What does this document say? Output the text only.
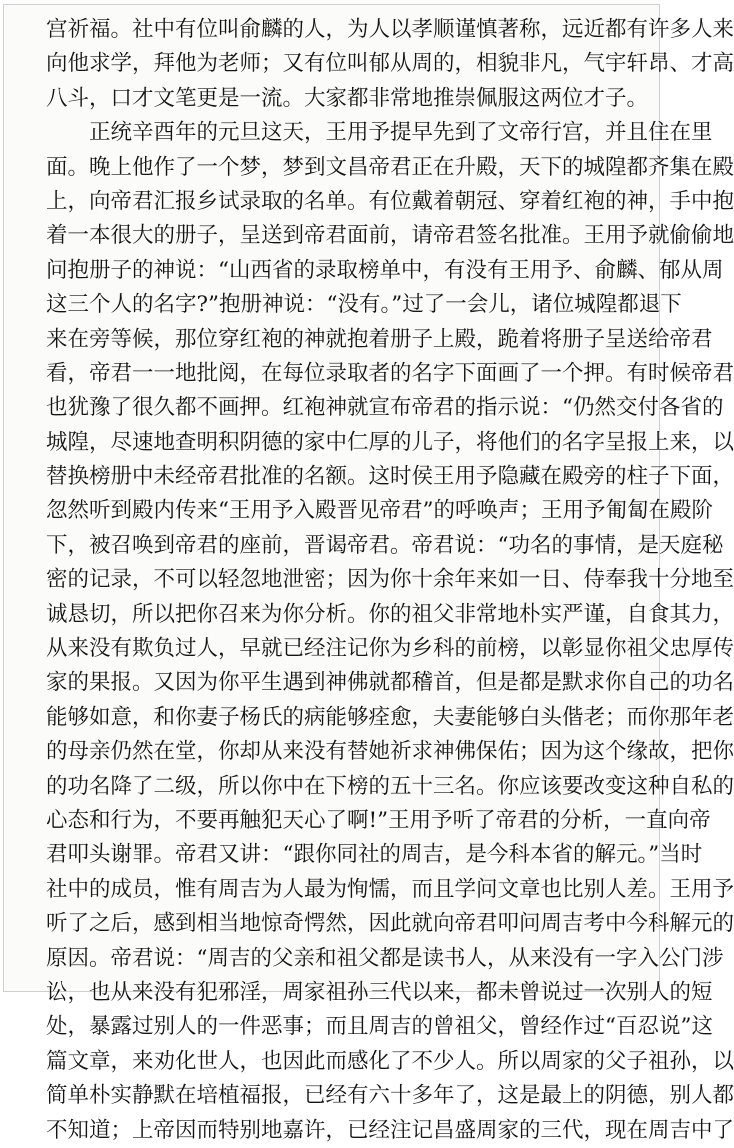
宫祈福。社中有位叫俞麟的人，为人以孝顺谨慎著称，远近都有许多人来
向他求学，拜他为老师；又有位叫郁从周的，相貌非凡，气宇轩昂、才高
八斗，口才文笔更是一流。大家都非常地推崇佩服这两位才子。
　　正统辛酉年的元旦这天，王用予提早先到了文帝行宫，并且住在里
面。晚上他作了一个梦，梦到文昌帝君正在升殿，天下的城隍都齐集在殿
上，向帝君汇报乡试录取的名单。有位戴着朝冠、穿着红袍的神，手中抱
着一本很大的册子，呈送到帝君面前，请帝君签名批准。王用予就偷偷地
问抱册子的神说：“山西省的录取榜单中，有没有王用予、俞麟、郁从周
这三个人的名字?”抱册神说：“没有。”过了一会儿，诸位城隍都退下
来在旁等候，那位穿红袍的神就抱着册子上殿，跪着将册子呈送给帝君
看，帝君一一地批阅，在每位录取者的名字下面画了一个押。有时候帝君
也犹豫了很久都不画押。红袍神就宣布帝君的指示说：“仍然交付各省的
城隍，尽速地查明积阴德的家中仁厚的儿子，将他们的名字呈报上来，以
替换榜册中未经帝君批准的名额。这时侯王用予隐藏在殿旁的柱子下面，
忽然听到殿内传来“王用予入殿晋见帝君”的呼唤声；王用予匍匐在殿阶
下，被召唤到帝君的座前，晋谒帝君。帝君说：“功名的事情，是天庭秘
密的记录，不可以轻忽地泄密；因为你十余年来如一日、侍奉我十分地至
诚恳切，所以把你召来为你分析。你的祖父非常地朴实严谨，自食其力，
从来没有欺负过人，早就已经注记你为乡科的前榜，以彰显你祖父忠厚传
家的果报。又因为你平生遇到神佛就都稽首，但是都是默求你自己的功名
能够如意，和你妻子杨氏的病能够痊愈，夫妻能够白头偕老；而你那年老
的母亲仍然在堂，你却从来没有替她祈求神佛保佑；因为这个缘故，把你
的功名降了二级，所以你中在下榜的五十三名。你应该要改变这种自私的
心态和行为，不要再触犯天心了啊!”王用予听了帝君的分析，一直向帝
君叩头谢罪。帝君又讲：“跟你同社的周吉，是今科本省的解元。”当时
社中的成员，惟有周吉为人最为恂懦，而且学问文章也比别人差。王用予
听了之后，感到相当地惊奇愕然，因此就向帝君叩问周吉考中今科解元的
原因。帝君说：“周吉的父亲和祖父都是读书人，从来没有一字入公门涉
讼，也从来没有犯邪淫，周家祖孙三代以来，都未曾说过一次别人的短
处，暴露过别人的一件恶事；而且周吉的曾祖父，曾经作过“百忍说”这
篇文章，来劝化世人，也因此而感化了不少人。所以周家的父子祖孙，以
简单朴实静默在培植福报，已经有六十多年了，这是最上的阴德，别人都
不知道；上帝因而特别地嘉许，已经注记昌盛周家的三代，现在周吉中了
